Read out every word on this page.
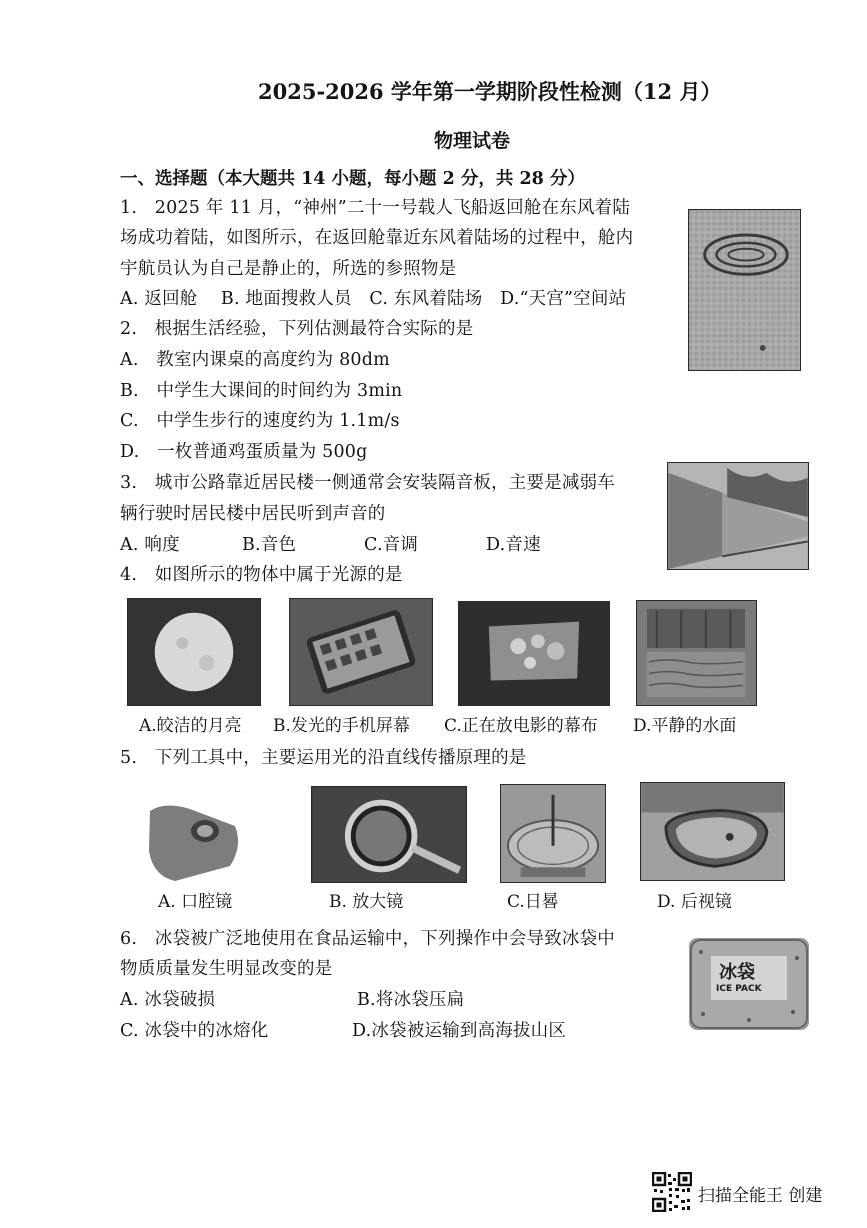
2025-2026 学年第一学期阶段性检测（12 月）
物理试卷
一、选择题（本大题共 14 小题，每小题 2 分，共 28 分）
1.　2025 年 11 月，“神州”二十一号载人飞船返回舱在东风着陆
场成功着陆，如图所示，在返回舱靠近东风着陆场的过程中，舱内
宇航员认为自己是静止的，所选的参照物是
A. 返回舱　 B. 地面搜救人员　C. 东风着陆场　D.“天宫”空间站
2.　根据生活经验，下列估测最符合实际的是
A.　教室内课桌的高度约为 80dm
B.　中学生大课间的时间约为 3min
C.　中学生步行的速度约为 1.1m/s
D.　一枚普通鸡蛋质量为 500g
3.　城市公路靠近居民楼一侧通常会安装隔音板，主要是减弱车
辆行驶时居民楼中居民听到声音的
A. 响度	B.音色	C.音调	D.音速
4.　如图所示的物体中属于光源的是
A.皎洁的月亮 B.发光的手机屏幕 C.正在放电影的幕布 D.平静的水面
5.　下列工具中，主要运用光的沿直线传播原理的是
A. 口腔镜	B. 放大镜	C.日晷	D. 后视镜
6.　冰袋被广泛地使用在食品运输中，下列操作中会导致冰袋中
物质质量发生明显改变的是
A. 冰袋破损	B.将冰袋压扁
C. 冰袋中的冰熔化	D.冰袋被运输到高海拔山区
冰袋
ICE PACK
扫描全能王 创建
